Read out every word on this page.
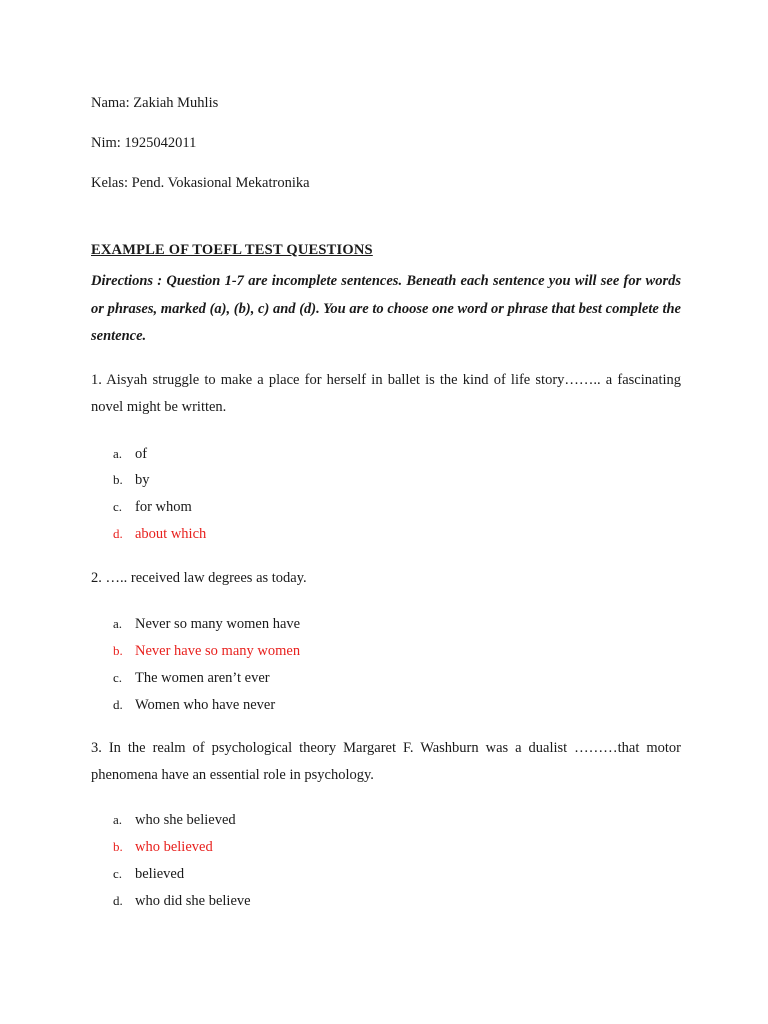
Nama: Zakiah Muhlis
Nim: 1925042011
Kelas: Pend. Vokasional Mekatronika
EXAMPLE OF TOEFL TEST QUESTIONS
Directions : Question 1-7 are incomplete sentences. Beneath each sentence you will see for words or phrases, marked (a), (b), c) and (d). You are to choose one word or phrase that best complete the sentence.
1. Aisyah struggle to make a place for herself in ballet is the kind of life story…….. a fascinating novel might be written.
a. of
b. by
c. for whom
d. about which
2. ….. received law degrees as today.
a. Never so many women have
b. Never have so many women
c. The women aren’t ever
d. Women who have never
3. In the realm of psychological theory Margaret F. Washburn was a dualist ………that motor phenomena have an essential role in psychology.
a. who she believed
b. who believed
c. believed
d. who did she believe
